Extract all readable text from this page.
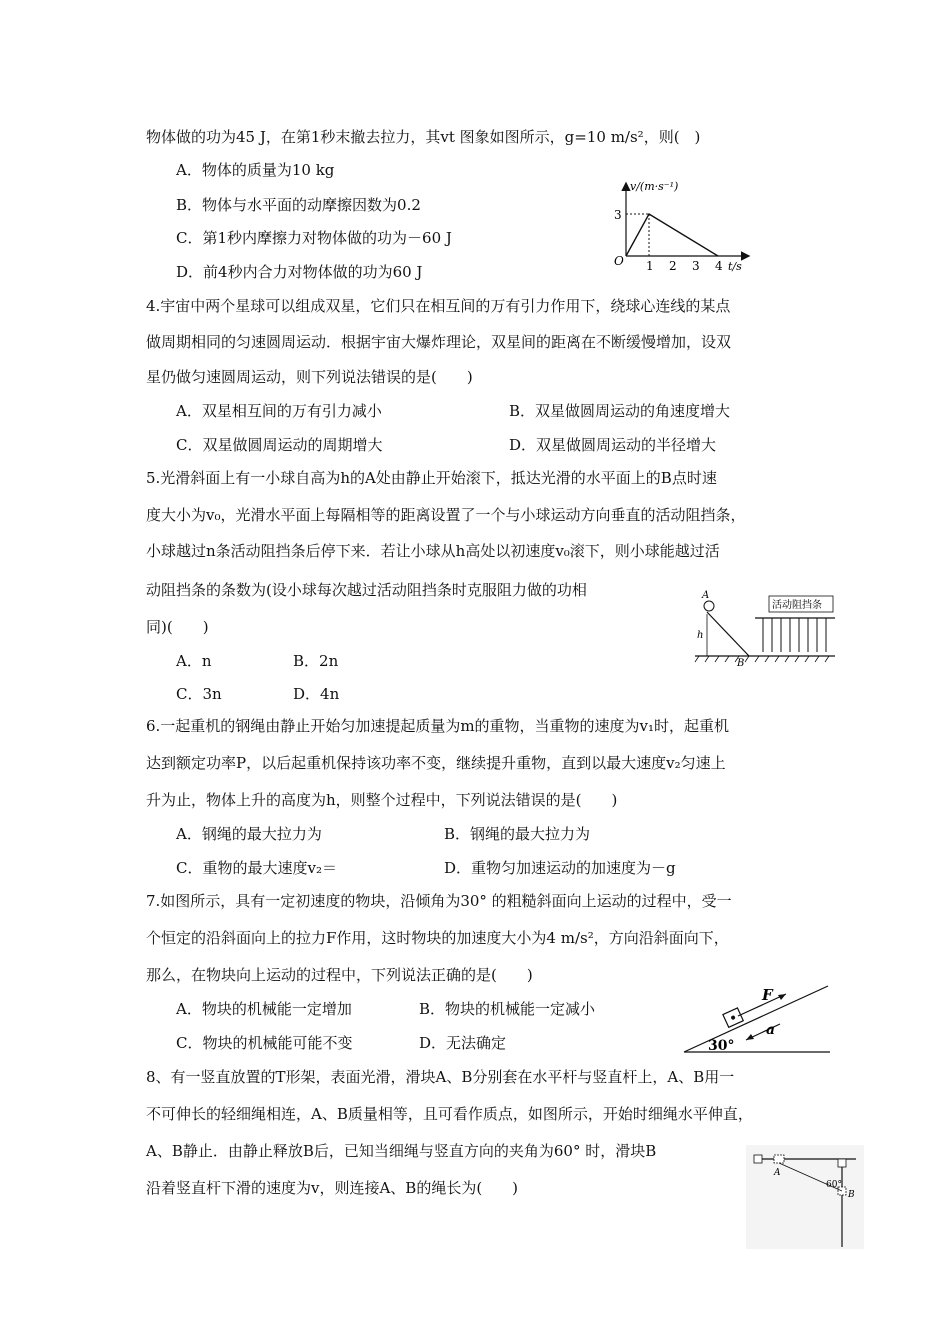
物体做的功为45 J，在第1秒末撤去拉力，其vt 图象如图所示，g=10 m/s²，则(　)
A．物体的质量为10 kg
B．物体与水平面的动摩擦因数为0.2
C．第1秒内摩擦力对物体做的功为－60 J
D．前4秒内合力对物体做的功为60 J
v/(m·s⁻¹)
3
O 1 2 3 4 t/s
4.宇宙中两个星球可以组成双星，它们只在相互间的万有引力作用下，绕球心连线的某点
做周期相同的匀速圆周运动．根据宇宙大爆炸理论，双星间的距离在不断缓慢增加，设双
星仍做匀速圆周运动，则下列说法错误的是(　　)
A．双星相互间的万有引力减小	B．双星做圆周运动的角速度增大
C．双星做圆周运动的周期增大	D．双星做圆周运动的半径增大
5.光滑斜面上有一小球自高为h的A处由静止开始滚下，抵达光滑的水平面上的B点时速
度大小为v₀，光滑水平面上每隔相等的距离设置了一个与小球运动方向垂直的活动阻挡条，
小球越过n条活动阻挡条后停下来．若让小球从h高处以初速度v₀滚下，则小球能越过活
动阻挡条的条数为(设小球每次越过活动阻挡条时克服阻力做的功相
同)(　　)
A．n	B．2n
C．3n	D．4n
A
h
B
活动阻挡条
6.一起重机的钢绳由静止开始匀加速提起质量为m的重物，当重物的速度为v₁时，起重机
达到额定功率P，以后起重机保持该功率不变，继续提升重物，直到以最大速度v₂匀速上
升为止，物体上升的高度为h，则整个过程中，下列说法错误的是(　　)
A．钢绳的最大拉力为	B．钢绳的最大拉力为
C．重物的最大速度v₂＝	D．重物匀加速运动的加速度为－g
7.如图所示，具有一定初速度的物块，沿倾角为30° 的粗糙斜面向上运动的过程中，受一
个恒定的沿斜面向上的拉力F作用，这时物块的加速度大小为4 m/s²，方向沿斜面向下，
那么，在物块向上运动的过程中，下列说法正确的是(　　)
A．物块的机械能一定增加	B．物块的机械能一定减小
C．物块的机械能可能不变	D．无法确定
F
a
30°
8、有一竖直放置的T形架，表面光滑，滑块A、B分别套在水平杆与竖直杆上，A、B用一
不可伸长的轻细绳相连，A、B质量相等，且可看作质点，如图所示，开始时细绳水平伸直，
A、B静止．由静止释放B后，已知当细绳与竖直方向的夹角为60° 时，滑块B
沿着竖直杆下滑的速度为v，则连接A、B的绳长为(　　)
A
B
60°
